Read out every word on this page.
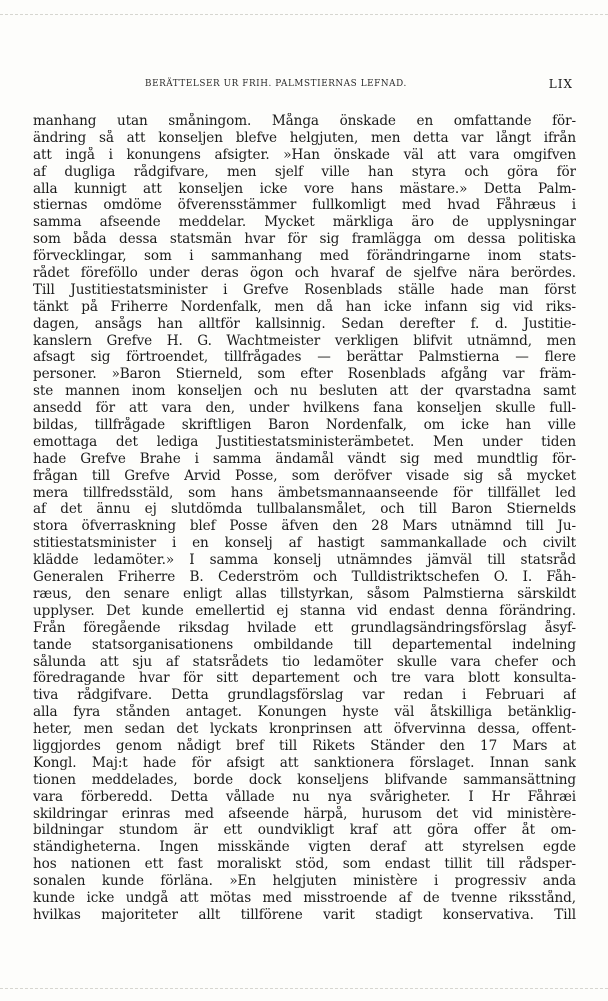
BERÄTTELSER UR FRIH. PALMSTIERNAS LEFNAD.	LIX
manhang utan småningom. Många önskade en omfattande för-
ändring så att konseljen blefve helgjuten, men detta var långt ifrån
att ingå i konungens afsigter. »Han önskade väl att vara omgifven
af dugliga rådgifvare, men sjelf ville han styra och göra för
alla kunnigt att konseljen icke vore hans mästare.» Detta Palm-
stiernas omdöme öfverensstämmer fullkomligt med hvad Fåhræus i
samma afseende meddelar. Mycket märkliga äro de upplysningar
som båda dessa statsmän hvar för sig framlägga om dessa politiska
förvecklingar, som i sammanhang med förändringarne inom stats-
rådet föreföllo under deras ögon och hvaraf de sjelfve nära berördes.
Till Justitiestatsminister i Grefve Rosenblads ställe hade man först
tänkt på Friherre Nordenfalk, men då han icke infann sig vid riks-
dagen, ansågs han alltför kallsinnig. Sedan derefter f. d. Justitie-
kanslern Grefve H. G. Wachtmeister verkligen blifvit utnämnd, men
afsagt sig förtroendet, tillfrågades — berättar Palmstierna — flere
personer. »Baron Stierneld, som efter Rosenblads afgång var främ-
ste mannen inom konseljen och nu besluten att der qvarstadna samt
ansedd för att vara den, under hvilkens fana konseljen skulle full-
bildas, tillfrågade skriftligen Baron Nordenfalk, om icke han ville
emottaga det lediga Justitiestatsministerämbetet. Men under tiden
hade Grefve Brahe i samma ändamål vändt sig med mundtlig för-
frågan till Grefve Arvid Posse, som deröfver visade sig så mycket
mera tillfredsstäld, som hans ämbetsmannaanseende för tillfället led
af det ännu ej slutdömda tullbalansmålet, och till Baron Stiernelds
stora öfverraskning blef Posse äfven den 28 Mars utnämnd till Ju-
stitiestatsminister i en konselj af hastigt sammankallade och civilt
klädde ledamöter.» I samma konselj utnämndes jämväl till statsråd
Generalen Friherre B. Cederström och Tulldistriktschefen O. I. Fåh-
ræus, den senare enligt allas tillstyrkan, såsom Palmstierna särskildt
upplyser. Det kunde emellertid ej stanna vid endast denna förändring.
Från föregående riksdag hvilade ett grundlagsändringsförslag åsyf-
tande statsorganisationens ombildande till departemental indelning
sålunda att sju af statsrådets tio ledamöter skulle vara chefer och
föredragande hvar för sitt departement och tre vara blott konsulta-
tiva rådgifvare. Detta grundlagsförslag var redan i Februari af
alla fyra stånden antaget. Konungen hyste väl åtskilliga betänklig-
heter, men sedan det lyckats kronprinsen att öfvervinna dessa, offent-
liggjordes genom nådigt bref till Rikets Ständer den 17 Mars at
Kongl. Maj:t hade för afsigt att sanktionera förslaget. Innan sank
tionen meddelades, borde dock konseljens blifvande sammansättning
vara förberedd. Detta vållade nu nya svårigheter. I Hr Fåhræi
skildringar erinras med afseende härpå, hurusom det vid ministère-
bildningar stundom är ett oundvikligt kraf att göra offer åt om-
ständigheterna. Ingen misskände vigten deraf att styrelsen egde
hos nationen ett fast moraliskt stöd, som endast tillit till rådsper-
sonalen kunde förläna. »En helgjuten ministère i progressiv anda
kunde icke undgå att mötas med misstroende af de tvenne riksstånd,
hvilkas majoriteter allt tillförene varit stadigt konservativa. Till
